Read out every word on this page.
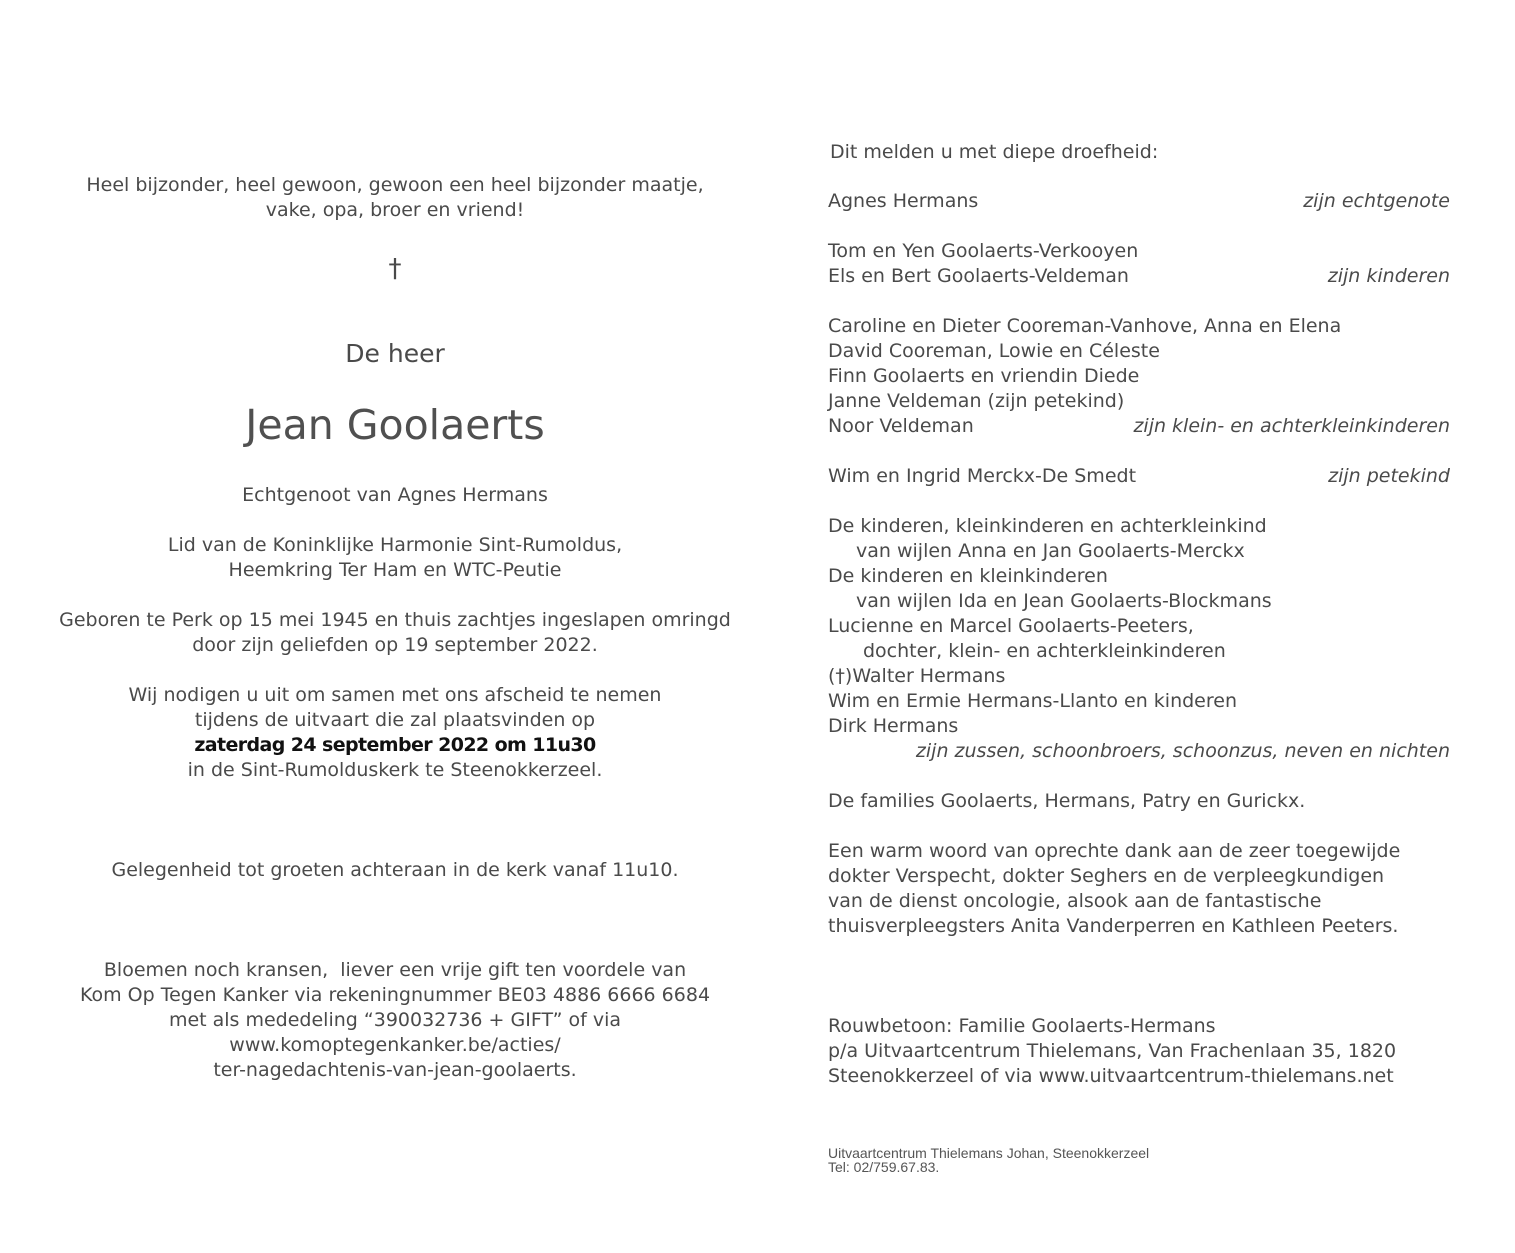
Heel bijzonder, heel gewoon, gewoon een heel bijzonder maatje,
vake, opa, broer en vriend!
†
De heer
Jean Goolaerts
Echtgenoot van Agnes Hermans
Lid van de Koninklijke Harmonie Sint-Rumoldus,
Heemkring Ter Ham en WTC-Peutie
Geboren te Perk op 15 mei 1945 en thuis zachtjes ingeslapen omringd
door zijn geliefden op 19 september 2022.
Wij nodigen u uit om samen met ons afscheid te nemen
tijdens de uitvaart die zal plaatsvinden op
zaterdag 24 september 2022 om 11u30
in de Sint-Rumolduskerk te Steenokkerzeel.
Gelegenheid tot groeten achteraan in de kerk vanaf 11u10.
Bloemen noch kransen,  liever een vrije gift ten voordele van
Kom Op Tegen Kanker via rekeningnummer BE03 4886 6666 6684
met als mededeling “390032736 + GIFT” of via
www.komoptegenkanker.be/acties/
ter-nagedachtenis-van-jean-goolaerts.
Dit melden u met diepe droefheid:
Agnes Hermans	zijn echtgenote
Tom en Yen Goolaerts-Verkooyen
Els en Bert Goolaerts-Veldeman	zijn kinderen
Caroline en Dieter Cooreman-Vanhove, Anna en Elena
David Cooreman, Lowie en Céleste
Finn Goolaerts en vriendin Diede
Janne Veldeman (zijn petekind)
Noor Veldeman	zijn klein- en achterkleinkinderen
Wim en Ingrid Merckx-De Smedt	zijn petekind
De kinderen, kleinkinderen en achterkleinkind
van wijlen Anna en Jan Goolaerts-Merckx
De kinderen en kleinkinderen
van wijlen Ida en Jean Goolaerts-Blockmans
Lucienne en Marcel Goolaerts-Peeters,
dochter, klein- en achterkleinkinderen
(†)Walter Hermans
Wim en Ermie Hermans-Llanto en kinderen
Dirk Hermans
zijn zussen, schoonbroers, schoonzus, neven en nichten
De families Goolaerts, Hermans, Patry en Gurickx.
Een warm woord van oprechte dank aan de zeer toegewijde
dokter Verspecht, dokter Seghers en de verpleegkundigen
van de dienst oncologie, alsook aan de fantastische
thuisverpleegsters Anita Vanderperren en Kathleen Peeters.
Rouwbetoon: Familie Goolaerts-Hermans
p/a Uitvaartcentrum Thielemans, Van Frachenlaan 35, 1820
Steenokkerzeel of via www.uitvaartcentrum-thielemans.net
Uitvaartcentrum Thielemans Johan, Steenokkerzeel
Tel: 02/759.67.83.
